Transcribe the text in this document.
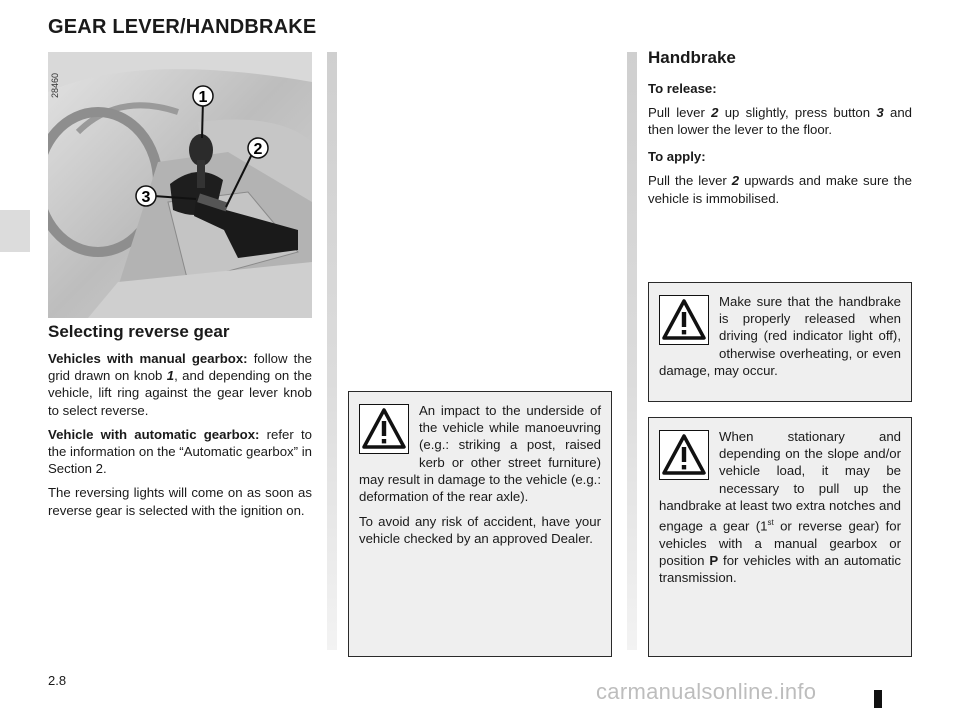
GEAR LEVER/HANDBRAKE
1
2
3
28460
Selecting reverse gear

Vehicles with manual gearbox: follow the grid drawn on knob 1, and depending on the vehicle, lift ring against the gear lever knob to select reverse.

Vehicle with automatic gearbox: refer to the information on the “Automatic gearbox” in Section 2.

The reversing lights will come on as soon as reverse gear is selected with the ignition on.

An impact to the underside of the vehicle while manoeuvring (e.g.: striking a post, raised kerb or other street furniture) may result in damage to the vehicle (e.g.: deformation of the rear axle).

To avoid any risk of accident, have your vehicle checked by an approved Dealer.

Handbrake
To release:

Pull lever 2 up slightly, press button 3 and then lower the lever to the floor.

To apply:

Pull the lever 2 upwards and make sure the vehicle is immobilised.

Make sure that the handbrake is properly released when driving (red indicator light off), otherwise overheating, or even damage, may occur.

When stationary and depending on the slope and/or vehicle load, it may be necessary to pull up the handbrake at least two extra notches and engage a gear (1st or reverse gear) for vehicles with a manual gearbox or position P for vehicles with an automatic transmission.

2.8	carmanualsonline.info
